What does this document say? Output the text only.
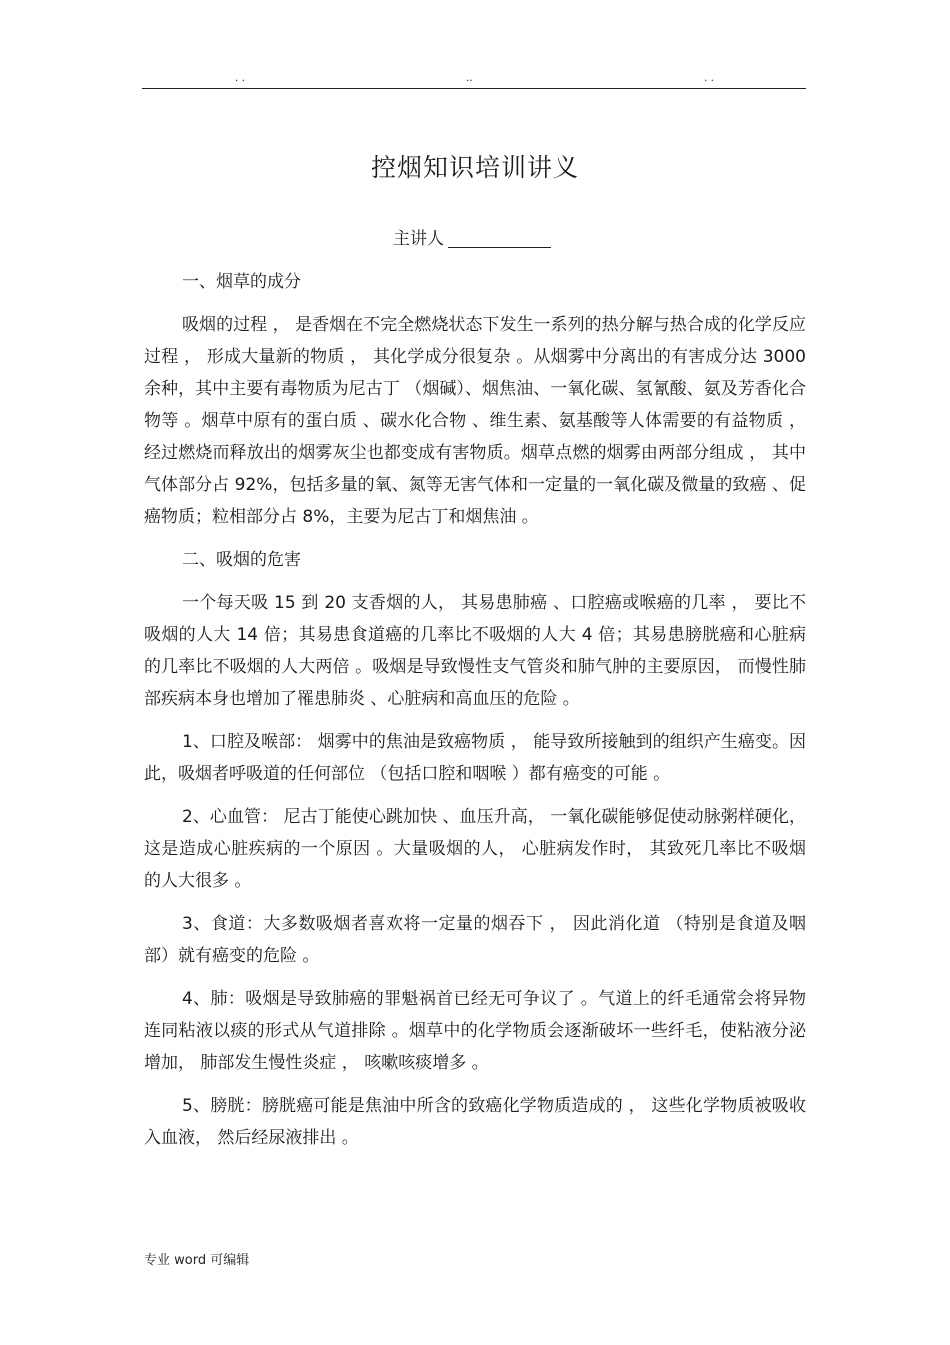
. .	..	. .
控烟知识培训讲义
主讲人
一、烟草的成分
吸烟的过程 ， 是香烟在不完全燃烧状态下发生一系列的热分解与热合成的化学反应过程 ， 形成大量新的物质 ， 其化学成分很复杂 。从烟雾中分离出的有害成分达 3000 余种，其中主要有毒物质为尼古丁 （烟碱）、烟焦油、一氧化碳、氢氰酸、氨及芳香化合物等 。烟草中原有的蛋白质 、碳水化合物 、维生素、氨基酸等人体需要的有益物质 ， 经过燃烧而释放出的烟雾灰尘也都变成有害物质。烟草点燃的烟雾由两部分组成 ， 其中气体部分占 92%，包括多量的氧、氮等无害气体和一定量的一氧化碳及微量的致癌 、促癌物质；粒相部分占 8%，主要为尼古丁和烟焦油 。
二、吸烟的危害
一个每天吸 15 到 20 支香烟的人， 其易患肺癌 、口腔癌或喉癌的几率 ， 要比不吸烟的人大 14 倍；其易患食道癌的几率比不吸烟的人大 4 倍；其易患膀胱癌和心脏病的几率比不吸烟的人大两倍 。吸烟是导致慢性支气管炎和肺气肿的主要原因， 而慢性肺部疾病本身也增加了罹患肺炎 、心脏病和高血压的危险 。
1、口腔及喉部： 烟雾中的焦油是致癌物质 ， 能导致所接触到的组织产生癌变。因此，吸烟者呼吸道的任何部位 （包括口腔和咽喉 ）都有癌变的可能 。
2、心血管： 尼古丁能使心跳加快 、血压升高， 一氧化碳能够促使动脉粥样硬化，这是造成心脏疾病的一个原因 。大量吸烟的人， 心脏病发作时， 其致死几率比不吸烟的人大很多 。
3、食道：大多数吸烟者喜欢将一定量的烟吞下 ， 因此消化道 （特别是食道及咽部）就有癌变的危险 。
4、肺：吸烟是导致肺癌的罪魁祸首已经无可争议了 。气道上的纤毛通常会将异物连同粘液以痰的形式从气道排除 。烟草中的化学物质会逐渐破坏一些纤毛，使粘液分泌增加， 肺部发生慢性炎症 ， 咳嗽咳痰增多 。
5、膀胱：膀胱癌可能是焦油中所含的致癌化学物质造成的 ， 这些化学物质被吸收入血液， 然后经尿液排出 。
专业 word 可编辑
